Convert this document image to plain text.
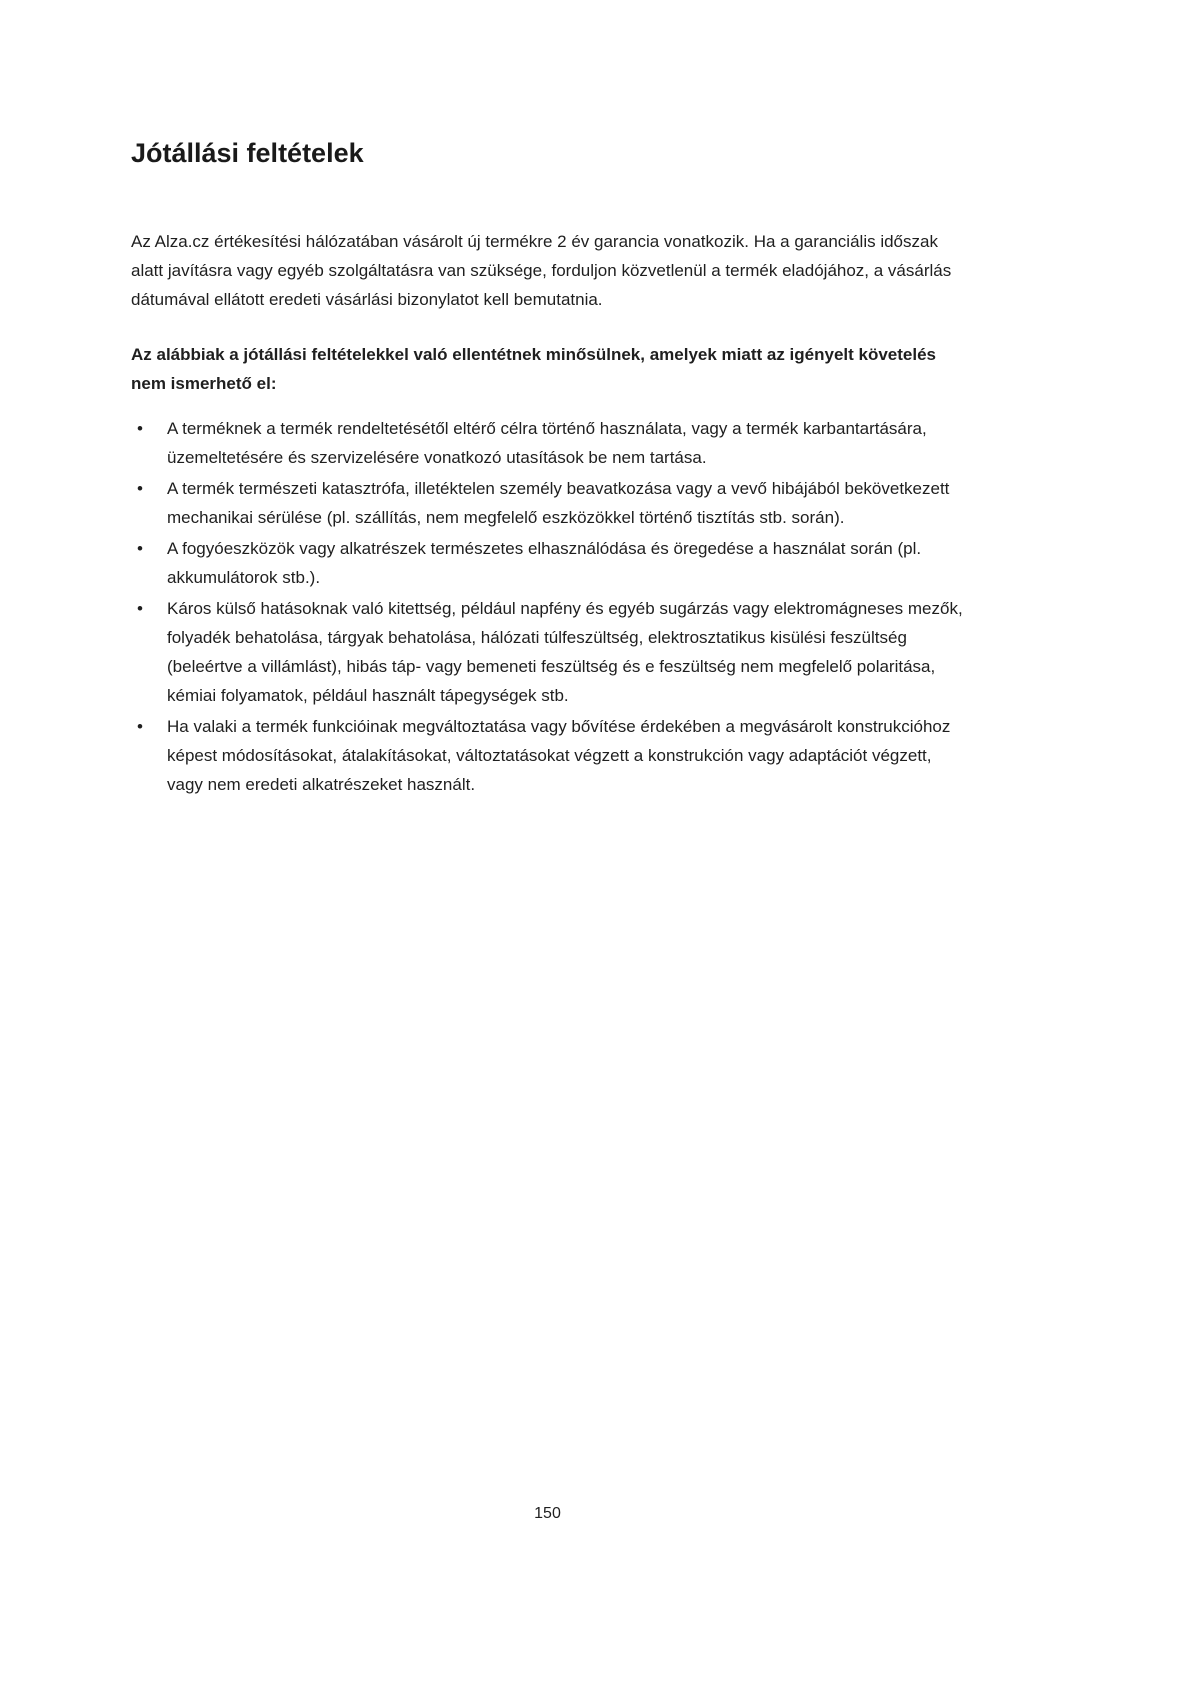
Jótállási feltételek

Az Alza.cz értékesítési hálózatában vásárolt új termékre 2 év garancia vonatkozik. Ha a garanciális időszak alatt javításra vagy egyéb szolgáltatásra van szüksége, forduljon közvetlenül a termék eladójához, a vásárlás dátumával ellátott eredeti vásárlási bizonylatot kell bemutatnia.

Az alábbiak a jótállási feltételekkel való ellentétnek minősülnek, amelyek miatt az igényelt követelés nem ismerhető el:

• A terméknek a termék rendeltetésétől eltérő célra történő használata, vagy a termék karbantartására, üzemeltetésére és szervizelésére vonatkozó utasítások be nem tartása.
• A termék természeti katasztrófa, illetéktelen személy beavatkozása vagy a vevő hibájából bekövetkezett mechanikai sérülése (pl. szállítás, nem megfelelő eszközökkel történő tisztítás stb. során).
• A fogyóeszközök vagy alkatrészek természetes elhasználódása és öregedése a használat során (pl. akkumulátorok stb.).
• Káros külső hatásoknak való kitettség, például napfény és egyéb sugárzás vagy elektromágneses mezők, folyadék behatolása, tárgyak behatolása, hálózati túlfeszültség, elektrosztatikus kisülési feszültség (beleértve a villámlást), hibás táp- vagy bemeneti feszültség és e feszültség nem megfelelő polaritása, kémiai folyamatok, például használt tápegységek stb.
• Ha valaki a termék funkcióinak megváltoztatása vagy bővítése érdekében a megvásárolt konstrukcióhoz képest módosításokat, átalakításokat, változtatásokat végzett a konstrukción vagy adaptációt végzett, vagy nem eredeti alkatrészeket használt.
150
